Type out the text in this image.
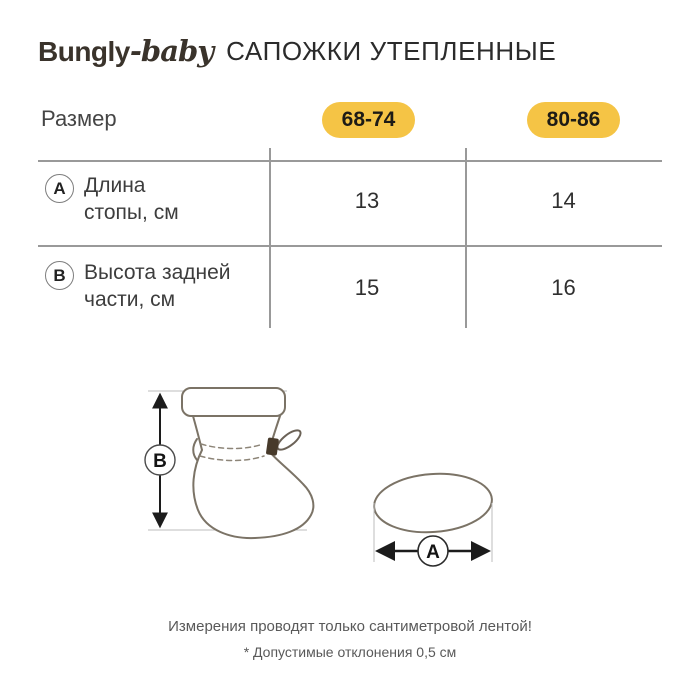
Bungly -baby САПОЖКИ УТЕПЛЕННЫЕ
Размер	68-74	80-86
A Длина
стопы, см	13	14
B Высота задней
части, см	15	16
B
A
Измерения проводят только сантиметровой лентой!
* Допустимые отклонения 0,5 см
